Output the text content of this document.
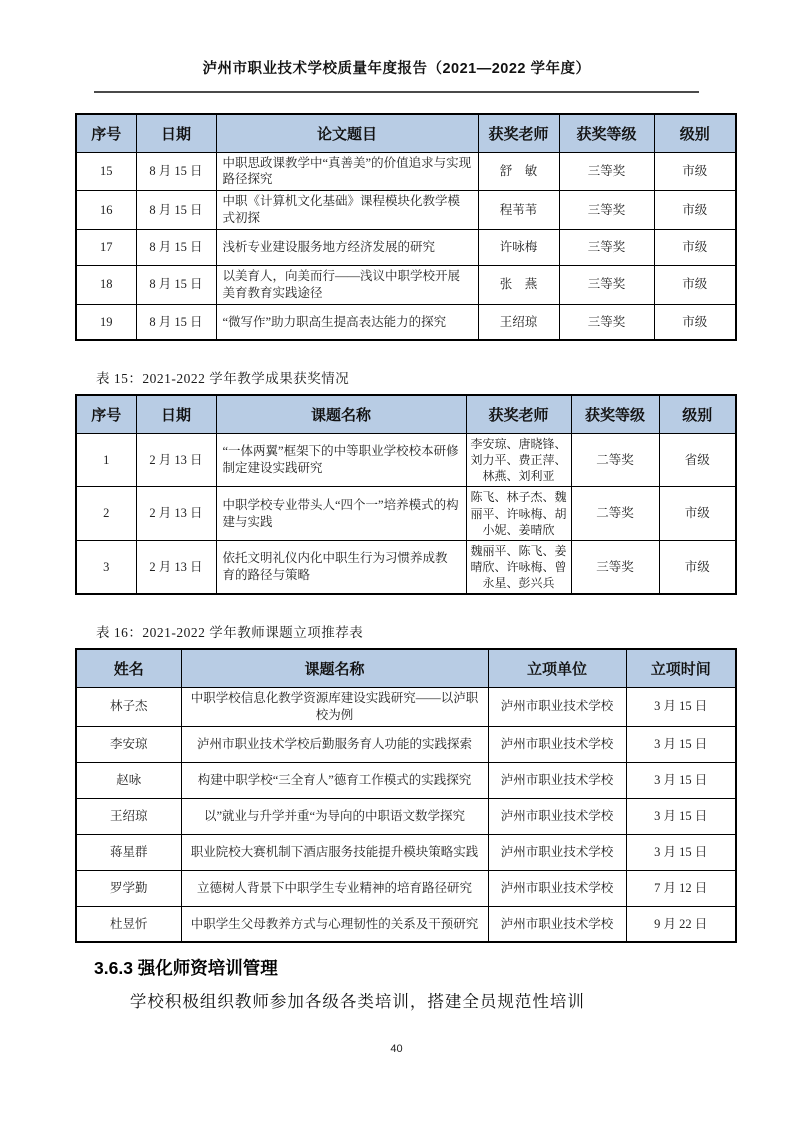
泸州市职业技术学校质量年度报告（2021—2022 学年度）
序号	日期	论文题目	获奖老师	获奖等级	级别
15	8 月 15 日	中职思政课教学中“真善美”的价值追求与实现路径探究	舒　敏	三等奖	市级
16	8 月 15 日	中职《计算机文化基础》课程模块化教学模式初探	程苇苇	三等奖	市级
17	8 月 15 日	浅析专业建设服务地方经济发展的研究	许咏梅	三等奖	市级
18	8 月 15 日	以美育人，向美而行——浅议中职学校开展美育教育实践途径	张　燕	三等奖	市级
19	8 月 15 日	“微写作”助力职高生提高表达能力的探究	王绍琼	三等奖	市级
表 15：2021-2022 学年教学成果获奖情况
序号	日期	课题名称	获奖老师	获奖等级	级别
1	2 月 13 日	“一体两翼”框架下的中等职业学校校本研修制定建设实践研究	李安琼、唐晓锋、刘力平、费正萍、林燕、刘利亚	二等奖	省级
2	2 月 13 日	中职学校专业带头人“四个一”培养模式的构建与实践	陈飞、林子杰、魏丽平、许咏梅、胡小妮、姜晴欣	二等奖	市级
3	2 月 13 日	依托文明礼仪内化中职生行为习惯养成教育的路径与策略	魏丽平、陈飞、姜晴欣、许咏梅、曾永星、彭兴兵	三等奖	市级
表 16：2021-2022 学年教师课题立项推荐表
姓名	课题名称	立项单位	立项时间
林子杰	中职学校信息化教学资源库建设实践研究——以泸职校为例	泸州市职业技术学校	3 月 15 日
李安琼	泸州市职业技术学校后勤服务育人功能的实践探索	泸州市职业技术学校	3 月 15 日
赵咏	构建中职学校“三全育人”德育工作模式的实践探究	泸州市职业技术学校	3 月 15 日
王绍琼	以”就业与升学并重“为导向的中职语文数学探究	泸州市职业技术学校	3 月 15 日
蒋星群	职业院校大赛机制下酒店服务技能提升模块策略实践	泸州市职业技术学校	3 月 15 日
罗学勤	立德树人背景下中职学生专业精神的培育路径研究	泸州市职业技术学校	7 月 12 日
杜昱忻	中职学生父母教养方式与心理韧性的关系及干预研究	泸州市职业技术学校	9 月 22 日
3.6.3 强化师资培训管理
学校积极组织教师参加各级各类培训，搭建全员规范性培训
40
